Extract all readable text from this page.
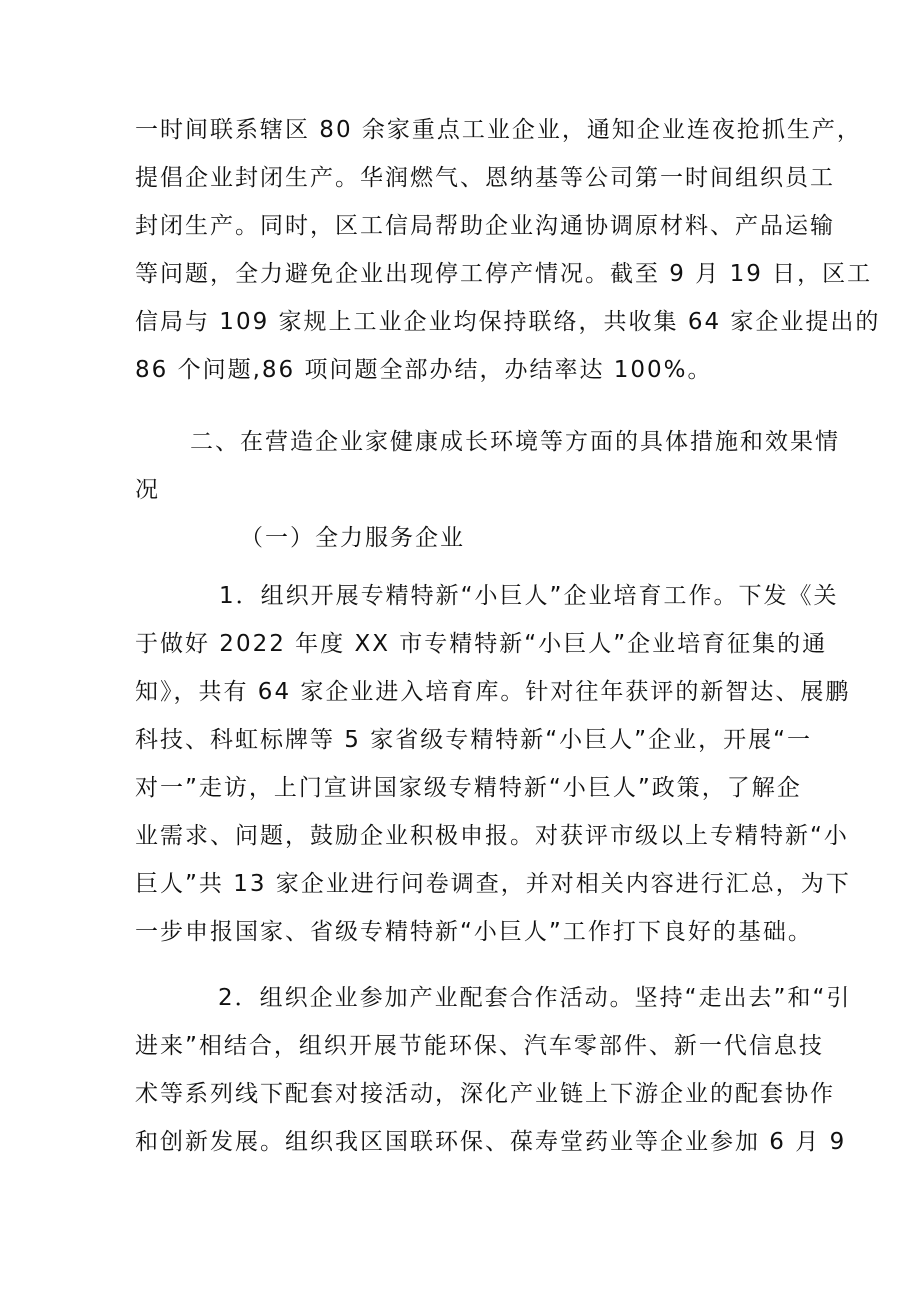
一时间联系辖区 80 余家重点工业企业，通知企业连夜抢抓生产，
提倡企业封闭生产。华润燃气、恩纳基等公司第一时间组织员工
封闭生产。同时，区工信局帮助企业沟通协调原材料、产品运输
等问题，全力避免企业出现停工停产情况。截至 9 月 19 日，区工
信局与 109 家规上工业企业均保持联络，共收集 64 家企业提出的
86 个问题,86 项问题全部办结，办结率达 100%。
二、在营造企业家健康成长环境等方面的具体措施和效果情
况
（一）全力服务企业
1．组织开展专精特新“小巨人”企业培育工作。下发《关
于做好 2022 年度 XX 市专精特新“小巨人”企业培育征集的通
知》，共有 64 家企业进入培育库。针对往年获评的新智达、展鹏
科技、科虹标牌等 5 家省级专精特新“小巨人”企业，开展“一
对一”走访，上门宣讲国家级专精特新“小巨人”政策，了解企
业需求、问题，鼓励企业积极申报。对获评市级以上专精特新“小
巨人”共 13 家企业进行问卷调查，并对相关内容进行汇总，为下
一步申报国家、省级专精特新“小巨人”工作打下良好的基础。
2．组织企业参加产业配套合作活动。坚持“走出去”和“引
进来”相结合，组织开展节能环保、汽车零部件、新一代信息技
术等系列线下配套对接活动，深化产业链上下游企业的配套协作
和创新发展。组织我区国联环保、葆寿堂药业等企业参加 6 月 9
